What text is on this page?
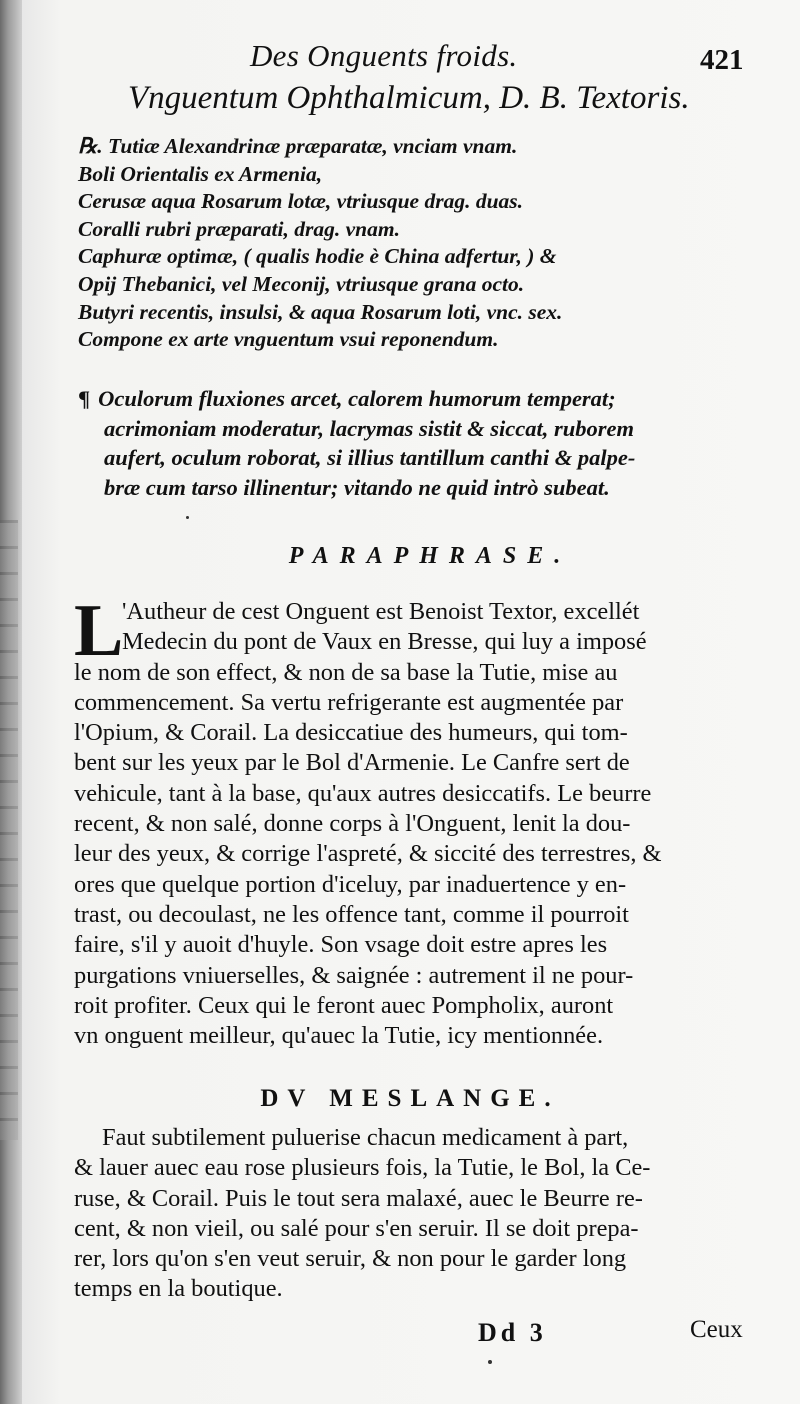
Des Onguents froids.	421
Vnguentum Ophthalmicum, D. B. Textoris.
℞. Tutiæ Alexandrinæ præparatæ, vnciam vnam.
Boli Orientalis ex Armenia,
Cerusæ aqua Rosarum lotæ, vtriusque drag. duas.
Coralli rubri præparati, drag. vnam.
Caphuræ optimæ, ( qualis hodie è China adfertur, ) &
Opij Thebanici, vel Meconij, vtriusque grana octo.
Butyri recentis, insulsi, & aqua Rosarum loti, vnc. sex.
Compone ex arte vnguentum vsui reponendum.
¶ Oculorum fluxiones arcet, calorem humorum temperat;
acrimoniam moderatur, lacrymas sistit & siccat, ruborem
aufert, oculum roborat, si illius tantillum canthi & palpe-
bræ cum tarso illinentur; vitando ne quid intrò subeat.
PARAPHRASE.
L
'Autheur de cest Onguent est Benoist Textor, excellét
Medecin du pont de Vaux en Bresse, qui luy a imposé
le nom de son effect, & non de sa base la Tutie, mise au
commencement. Sa vertu refrigerante est augmentée par
l'Opium, & Corail. La desiccatiue des humeurs, qui tom-
bent sur les yeux par le Bol d'Armenie. Le Canfre sert de
vehicule, tant à la base, qu'aux autres desiccatifs. Le beurre
recent, & non salé, donne corps à l'Onguent, lenit la dou-
leur des yeux, & corrige l'aspreté, & siccité des terrestres, &
ores que quelque portion d'iceluy, par inaduertence y en-
trast, ou decoulast, ne les offence tant, comme il pourroit
faire, s'il y auoit d'huyle. Son vsage doit estre apres les
purgations vniuerselles, & saignée : autrement il ne pour-
roit profiter. Ceux qui le feront auec Pompholix, auront
vn onguent meilleur, qu'auec la Tutie, icy mentionnée.
DV MESLANGE.
Faut subtilement puluerise chacun medicament à part,
& lauer auec eau rose plusieurs fois, la Tutie, le Bol, la Ce-
ruse, & Corail. Puis le tout sera malaxé, auec le Beurre re-
cent, & non vieil, ou salé pour s'en seruir. Il se doit prepa-
rer, lors qu'on s'en veut seruir, & non pour le garder long
temps en la boutique.
Dd 3	Ceux
